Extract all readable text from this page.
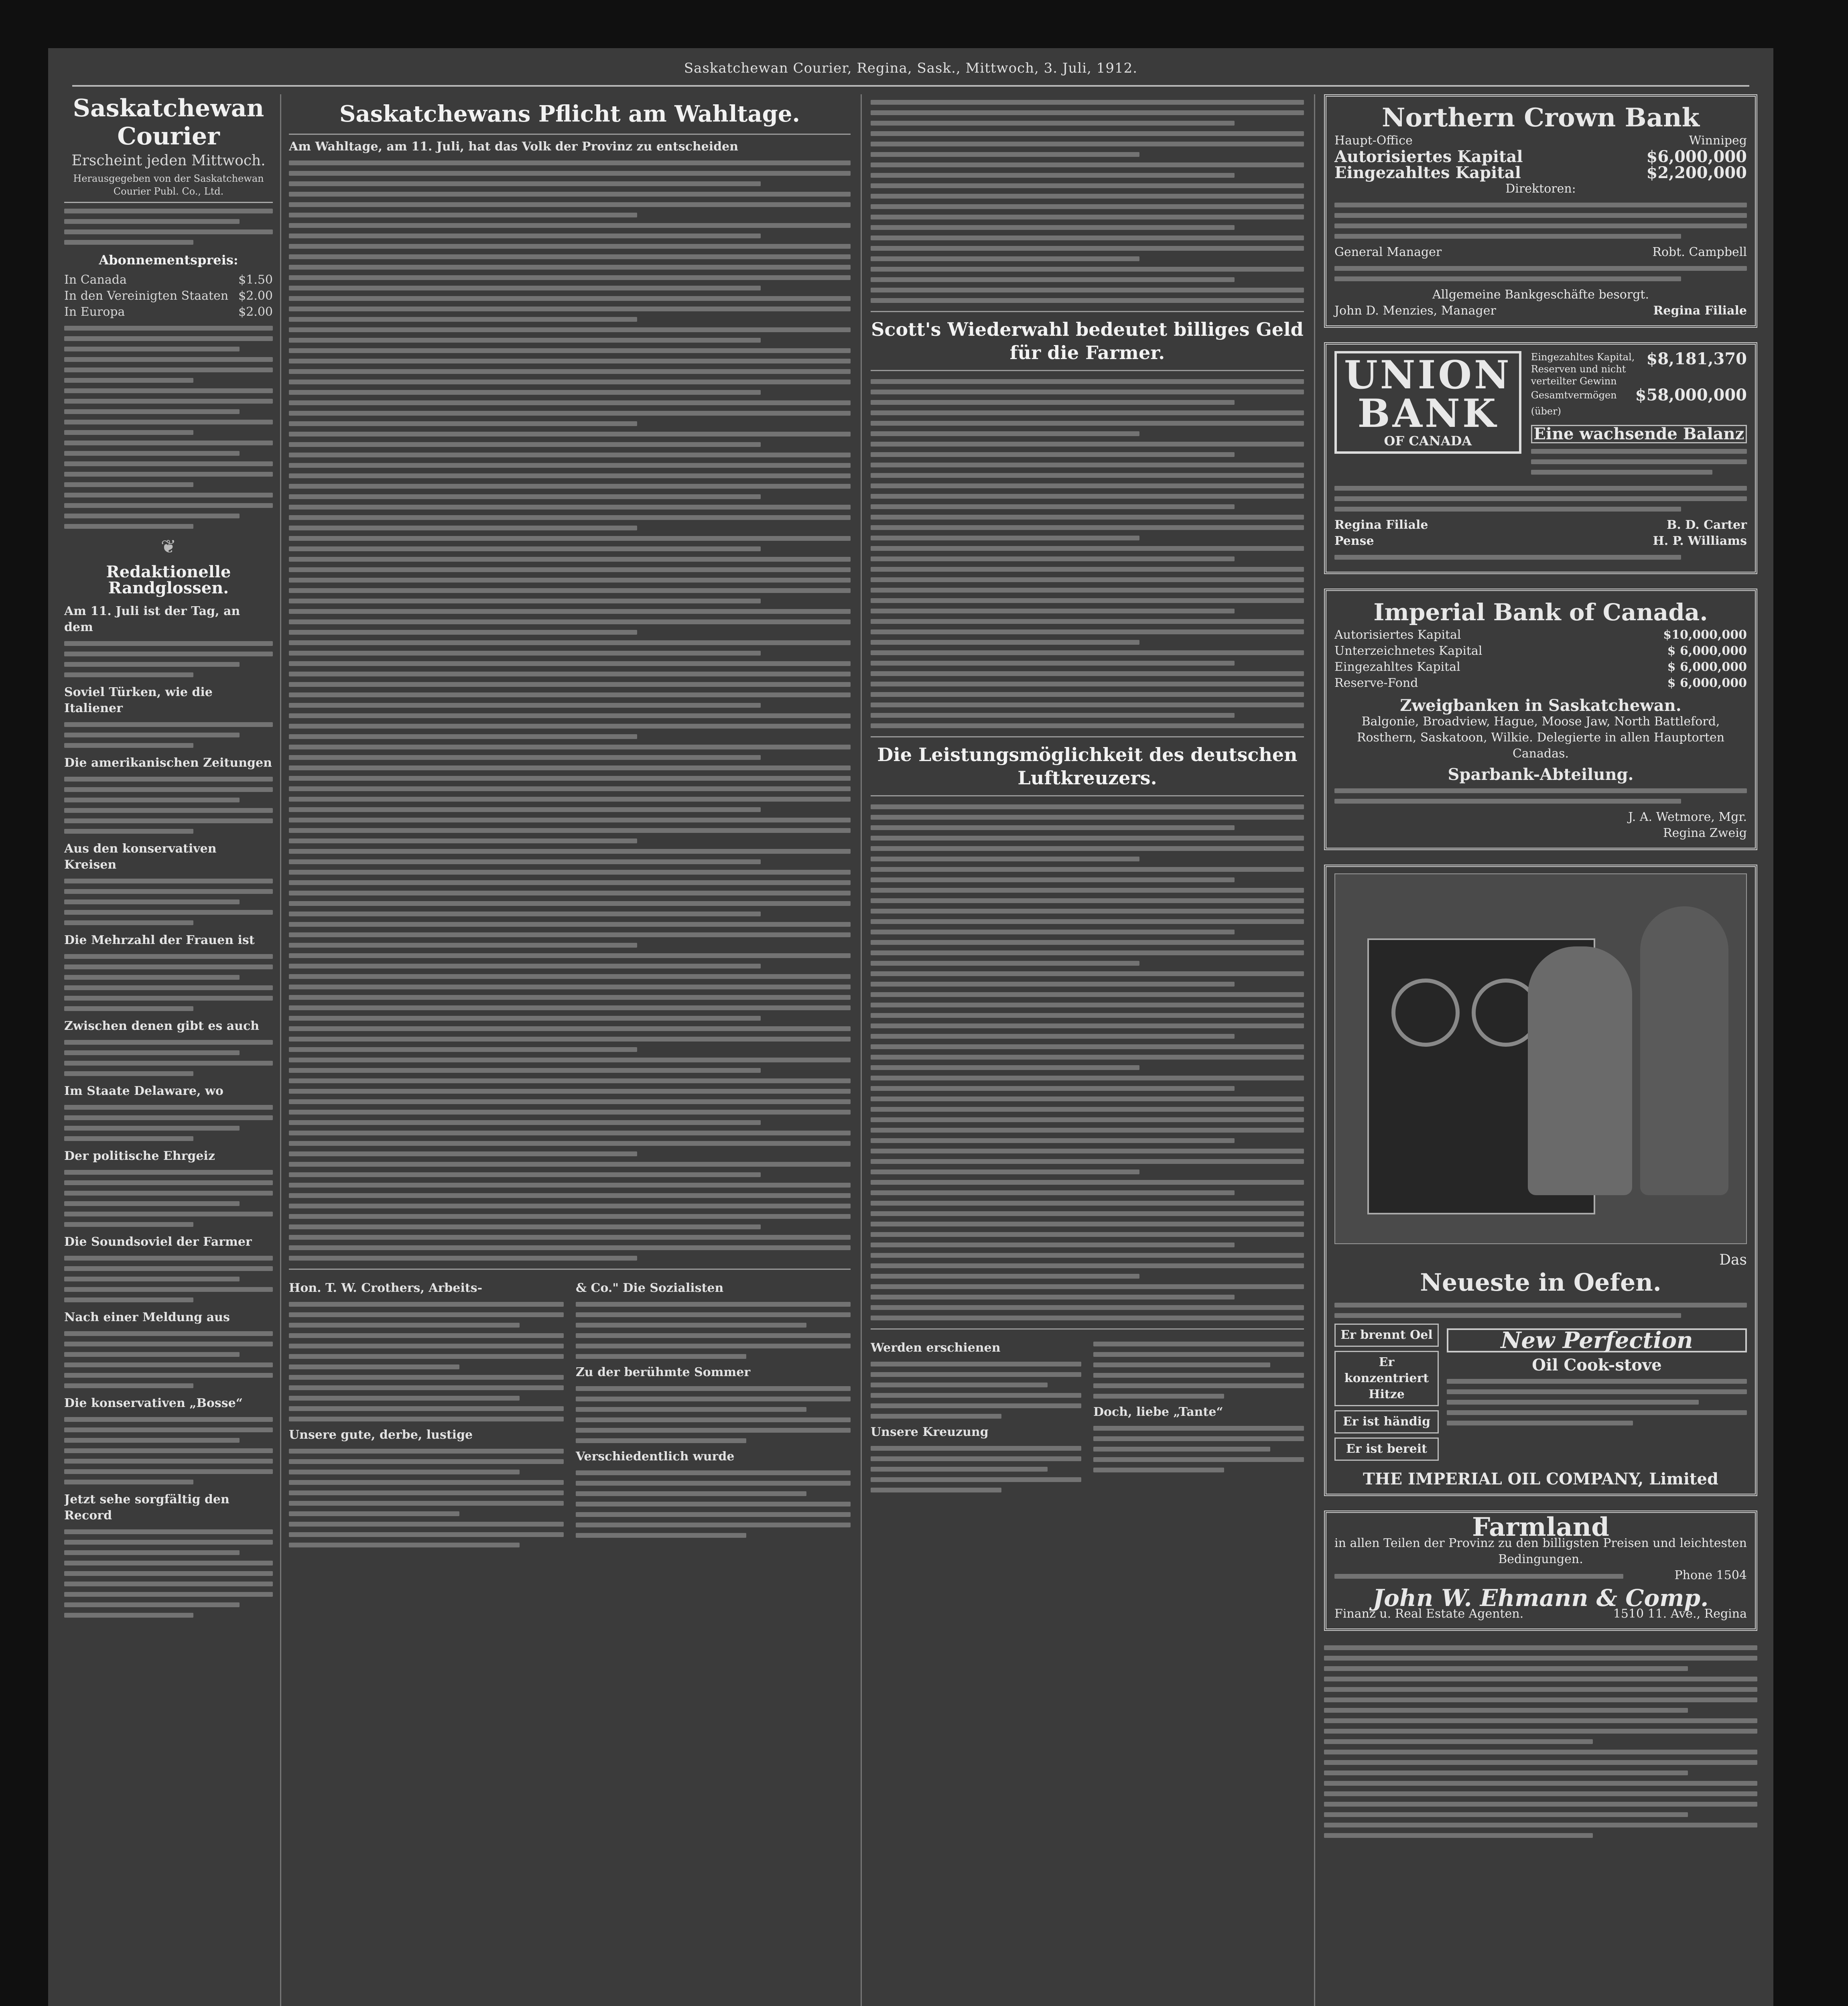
Saskatchewan Courier, Regina, Sask., Mittwoch, 3. Juli, 1912.
Saskatchewan Courier
Erscheint jeden Mittwoch.
Herausgegeben von der Saskatchewan Courier Publ. Co., Ltd.
Abonnementspreis:
In Canada	$1.50
In den Vereinigten Staaten $2.00
In Europa	$2.00
❦
Redaktionelle Randglossen.
Am 11. Juli ist der Tag, an dem
Soviel Türken, wie die Italiener
Die amerikanischen Zeitungen
Aus den konservativen Kreisen
Die Mehrzahl der Frauen ist
Zwischen denen gibt es auch
Im Staate Delaware, wo
Der politische Ehrgeiz
Die Soundsoviel der Farmer
Nach einer Meldung aus
Die konservativen „Bosse“
Jetzt sehe sorgfältig den Record
Saskatchewans Pflicht am Wahltage.
Am Wahltage, am 11. Juli, hat das Volk der Provinz zu entscheiden
Hon. T. W. Crothers, Arbeits-
Unsere gute, derbe, lustige
& Co." Die Sozialisten
Zu der berühmte Sommer
Verschiedentlich wurde
Scott's Wiederwahl bedeutet billiges Geld für die Farmer.
Die Leistungsmöglichkeit des deutschen Luftkreuzers.
Werden erschienen
Unsere Kreuzung
Doch, liebe „Tante“
Northern Crown Bank
Haupt-Office	Winnipeg
Autorisiertes Kapital	$6,000,000
Eingezahltes Kapital	$2,200,000
Direktoren:
General Manager	Robt. Campbell
Allgemeine Bankgeschäfte besorgt.
John D. Menzies, Manager	Regina Filiale
UNION
BANK
OF CANADA
Eingezahltes Kapital, Reserven und nicht verteilter Gewinn
$8,181,370
Gesamtvermögen (über)
$58,000,000
Eine wachsende Balanz
Regina Filiale	B. D. Carter
Pense	H. P. Williams
Imperial Bank of Canada.
Autorisiertes Kapital	$10,000,000
Unterzeichnetes Kapital	$ 6,000,000
Eingezahltes Kapital	$ 6,000,000
Reserve-Fond	$ 6,000,000
Zweigbanken in Saskatchewan.
Balgonie, Broadview, Hague, Moose Jaw, North Battleford, Rosthern, Saskatoon, Wilkie. Delegierte in allen Hauptorten Canadas.
Sparbank-Abteilung.
J. A. Wetmore, Mgr.
Regina Zweig
Das
Neueste in Oefen.
Er brennt Oel
Er konzentriert Hitze
Er ist händig
Er ist bereit
New Perfection
Oil Cook-stove
THE IMPERIAL OIL COMPANY, Limited
Farmland
in allen Teilen der Provinz zu den billigsten Preisen und leichtesten Bedingungen.
Phone 1504
John W. Ehmann & Comp.
Finanz u. Real Estate Agenten.	1510 11. Ave., Regina
